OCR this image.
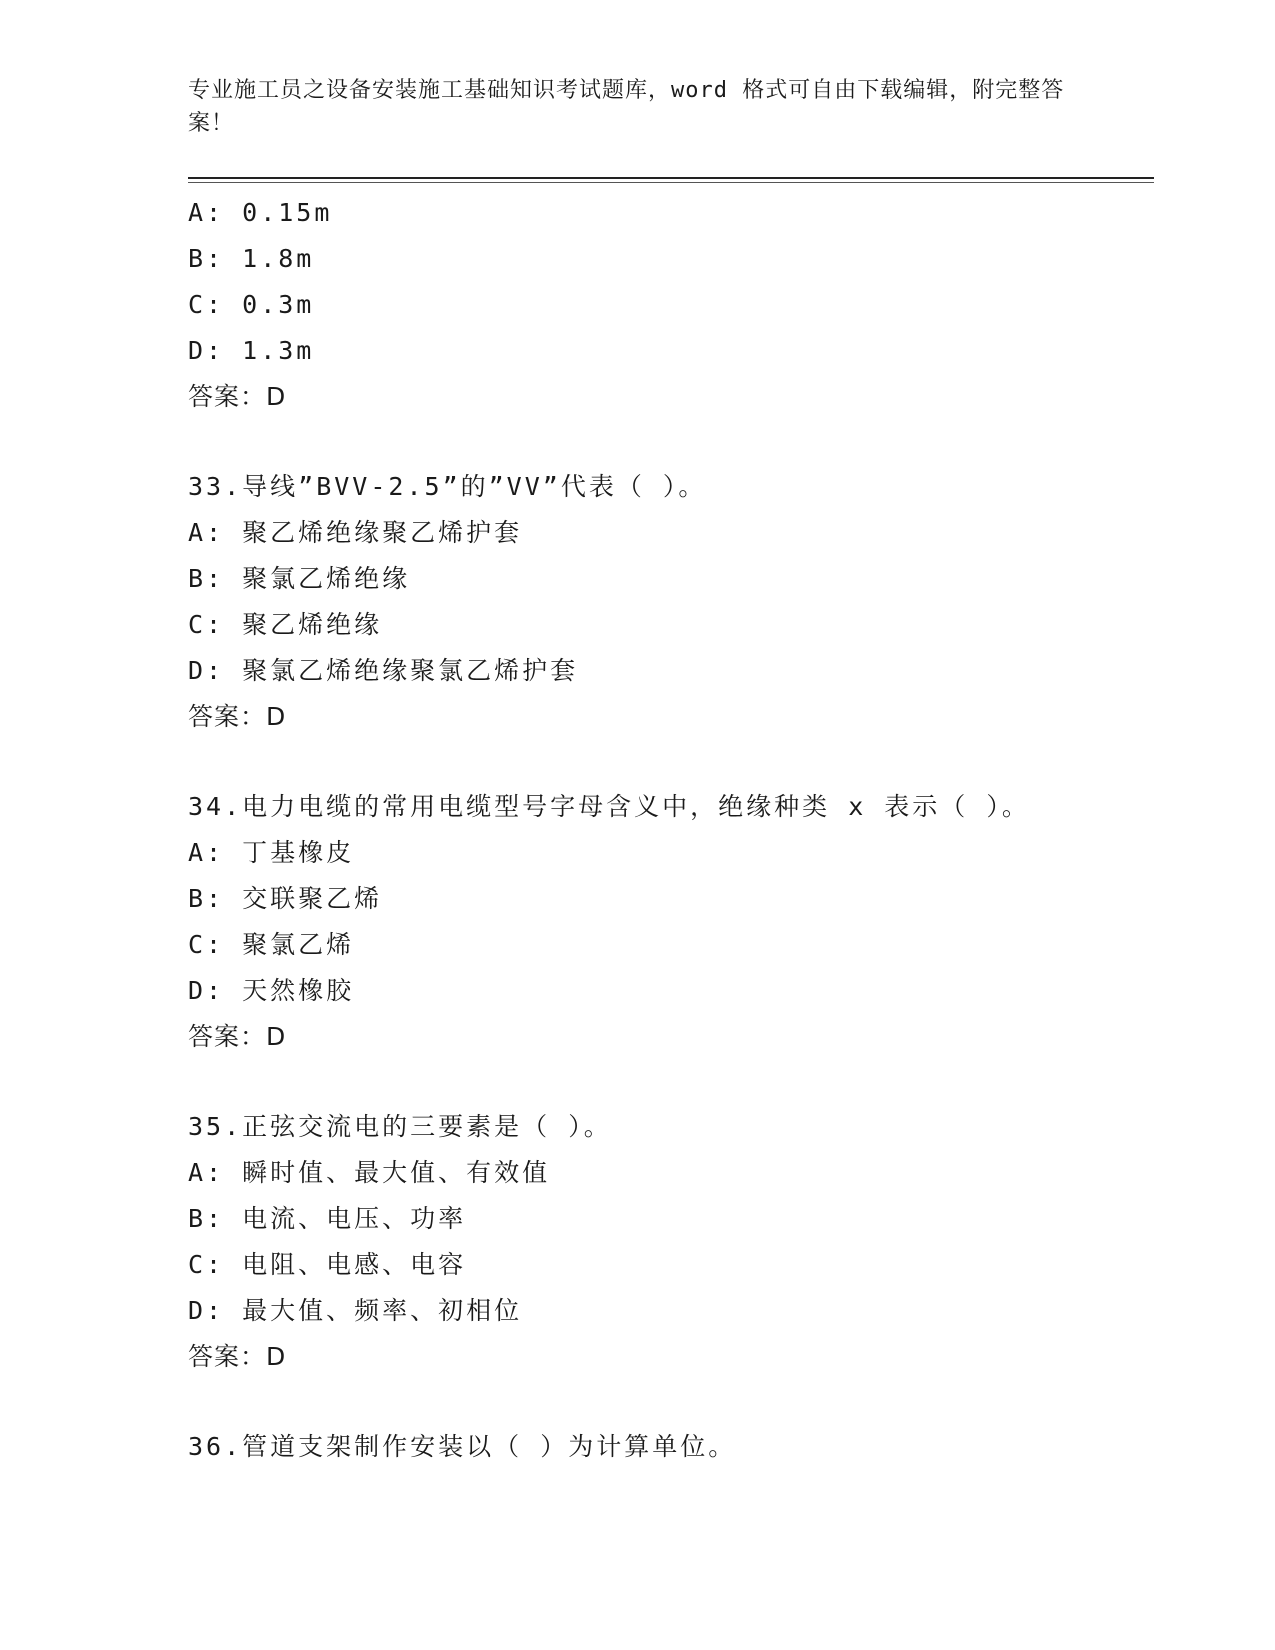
专业施工员之设备安装施工基础知识考试题库，word 格式可自由下载编辑，附完整答案！
A: 0.15m
B: 1.8m
C: 0.3m
D: 1.3m
答案：D
33.导线”BVV-2.5”的”VV”代表（ ）。
A: 聚乙烯绝缘聚乙烯护套
B: 聚氯乙烯绝缘
C: 聚乙烯绝缘
D: 聚氯乙烯绝缘聚氯乙烯护套
答案：D
34.电力电缆的常用电缆型号字母含义中，绝缘种类 x 表示（ ）。
A: 丁基橡皮
B: 交联聚乙烯
C: 聚氯乙烯
D: 天然橡胶
答案：D
35.正弦交流电的三要素是（ ）。
A: 瞬时值、最大值、有效值
B: 电流、电压、功率
C: 电阻、电感、电容
D: 最大值、频率、初相位
答案：D
36.管道支架制作安装以（ ）为计算单位。
